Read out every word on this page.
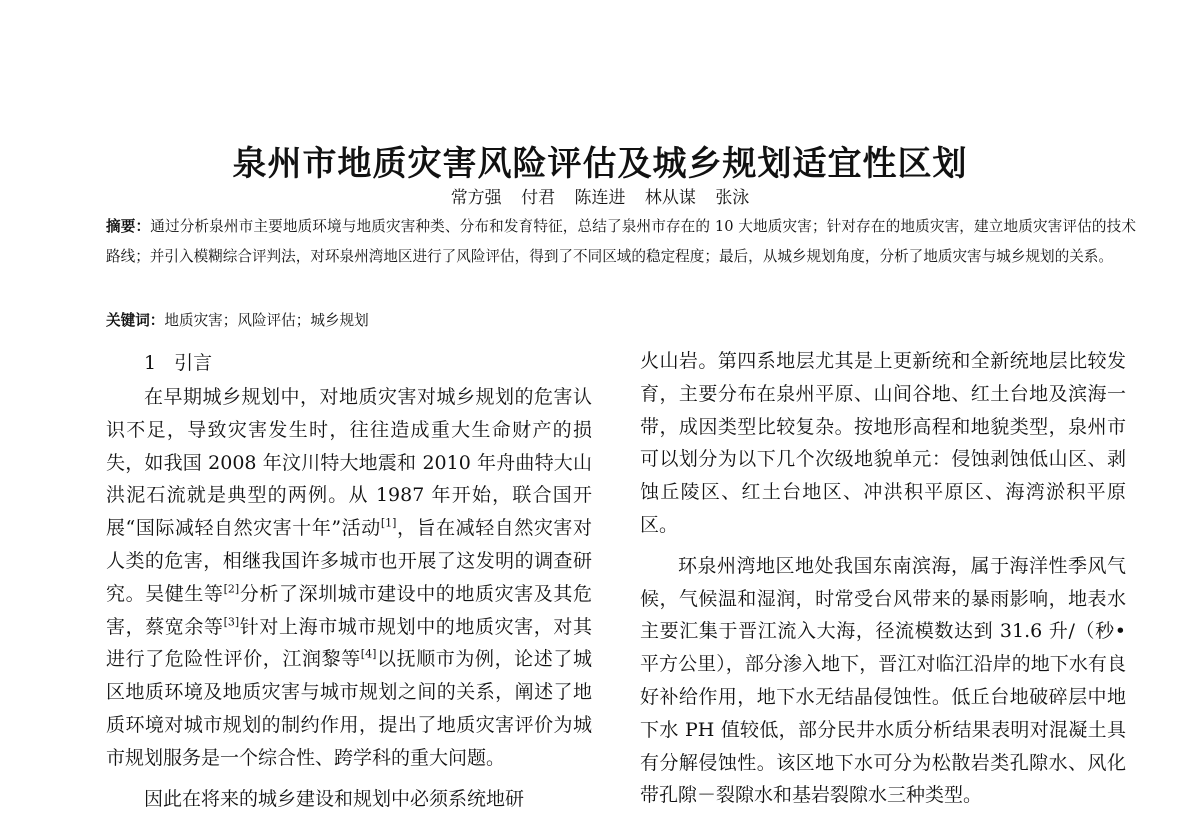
泉州市地质灾害风险评估及城乡规划适宜性区划
常方强 付君 陈连进 林从谋 张泳

摘要：通过分析泉州市主要地质环境与地质灾害种类、分布和发育特征，总结了泉州市存在的 10 大地质灾害；针对存在的地质灾害，建立地质灾害评估的技术路线；并引入模糊综合评判法，对环泉州湾地区进行了风险评估，得到了不同区域的稳定程度；最后，从城乡规划角度，分析了地质灾害与城乡规划的关系。

关键词：地质灾害；风险评估；城乡规划

1 引言

在早期城乡规划中，对地质灾害对城乡规划的危害认识不足，导致灾害发生时，往往造成重大生命财产的损失，如我国 2008 年汶川特大地震和 2010 年舟曲特大山洪泥石流就是典型的两例。从 1987 年开始，联合国开展“国际减轻自然灾害十年”活动[1]，旨在减轻自然灾害对人类的危害，相继我国许多城市也开展了这发明的调查研究。吴健生等[2]分析了深圳城市建设中的地质灾害及其危害，蔡宽余等[3]针对上海市城市规划中的地质灾害，对其进行了危险性评价，江润黎等[4]以抚顺市为例，论述了城区地质环境及地质灾害与城市规划之间的关系，阐述了地质环境对城市规划的制约作用，提出了地质灾害评价为城市规划服务是一个综合性、跨学科的重大问题。

因此在将来的城乡建设和规划中必须系统地研

火山岩。第四系地层尤其是上更新统和全新统地层比较发育，主要分布在泉州平原、山间谷地、红土台地及滨海一带，成因类型比较复杂。按地形高程和地貌类型，泉州市可以划分为以下几个次级地貌单元：侵蚀剥蚀低山区、剥蚀丘陵区、红土台地区、冲洪积平原区、海湾淤积平原区。

环泉州湾地区地处我国东南滨海，属于海洋性季风气候，气候温和湿润，时常受台风带来的暴雨影响，地表水主要汇集于晋江流入大海，径流模数达到 31.6 升/（秒•平方公里），部分渗入地下，晋江对临江沿岸的地下水有良好补给作用，地下水无结晶侵蚀性。低丘台地破碎层中地下水 PH 值较低，部分民井水质分析结果表明对混凝土具有分解侵蚀性。该区地下水可分为松散岩类孔隙水、风化带孔隙－裂隙水和基岩裂隙水三种类型。
